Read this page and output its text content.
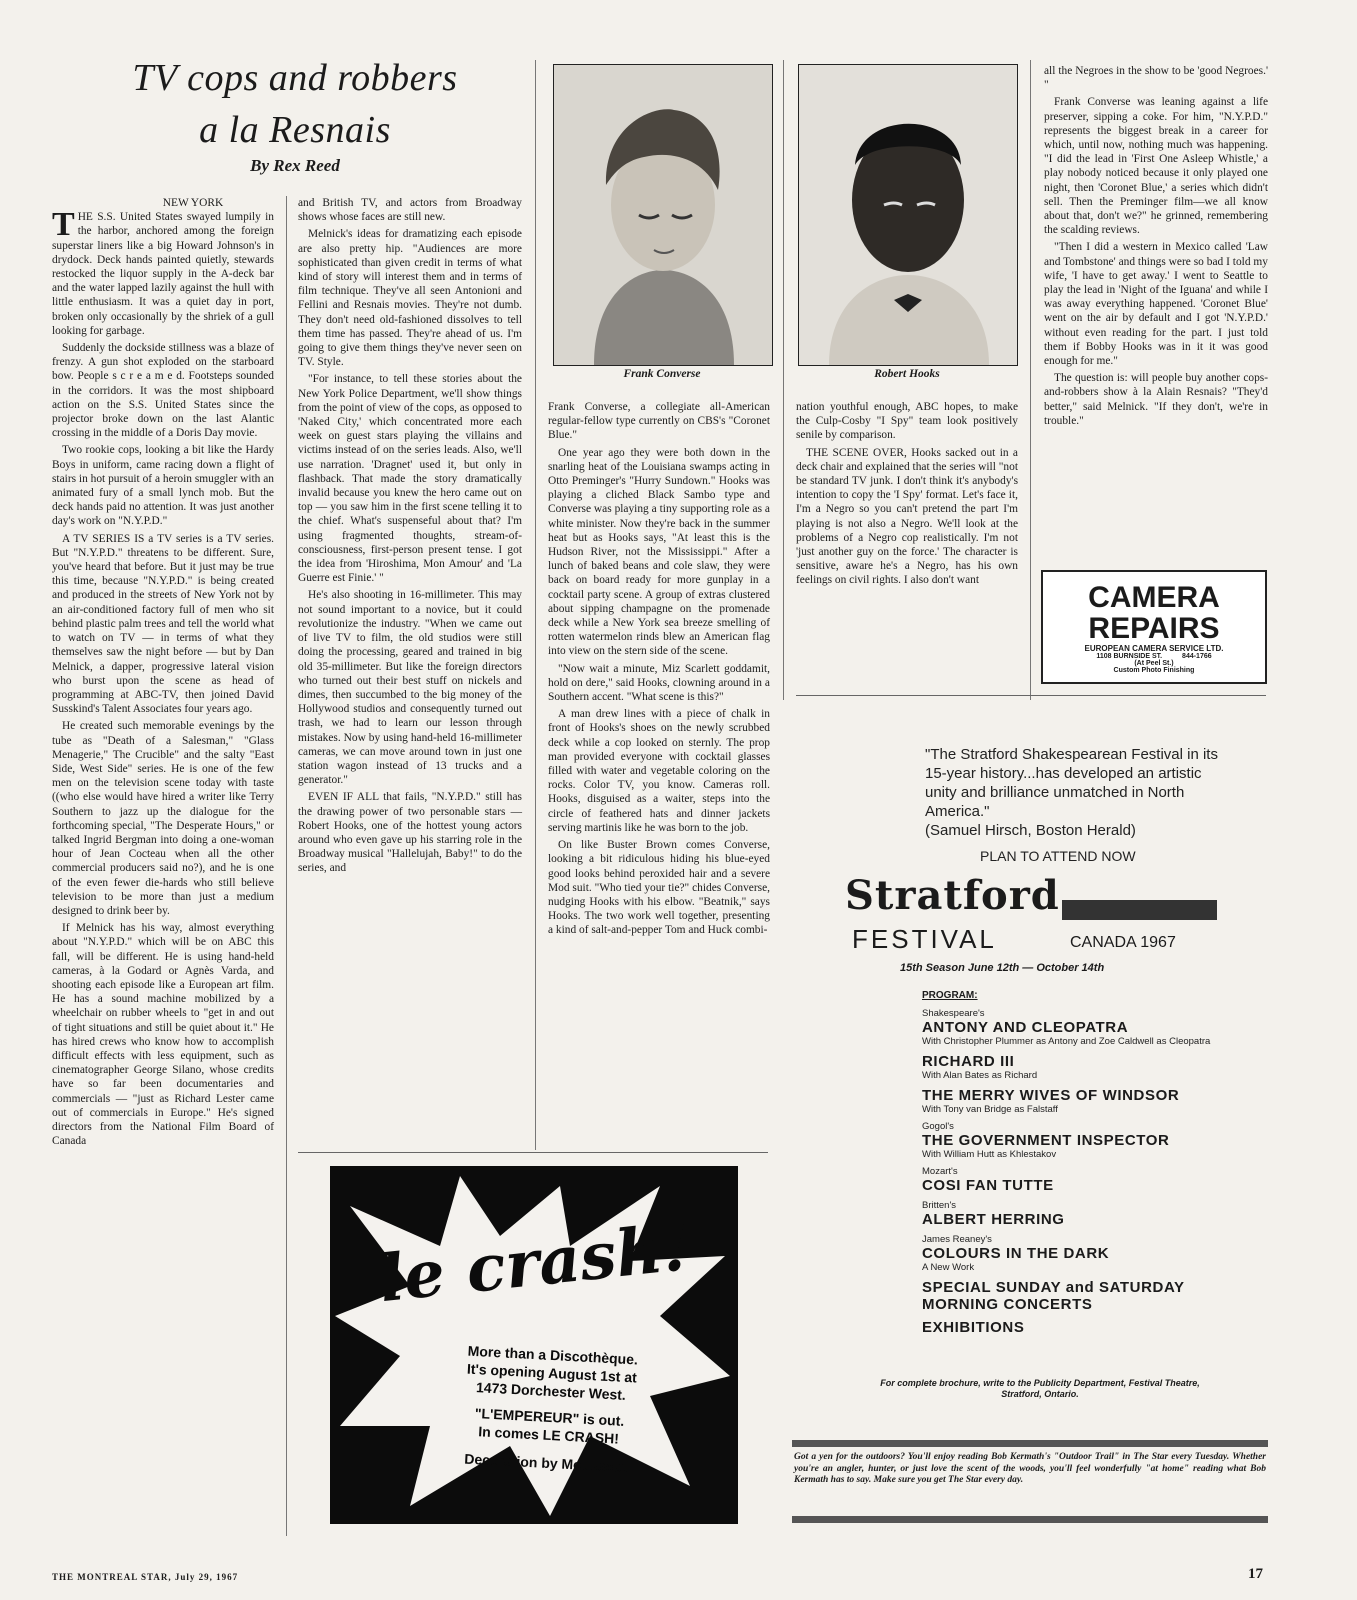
TV cops and robbers
a la Resnais
By Rex Reed
NEW YORK

THE S.S. United States swayed lumpily in the harbor, anchored among the foreign superstar liners like a big Howard Johnson's in drydock. Deck hands painted quietly, stewards restocked the liquor supply in the A-deck bar and the water lapped lazily against the hull with little enthusiasm. It was a quiet day in port, broken only occasionally by the shriek of a gull looking for garbage.

Suddenly the dockside stillness was a blaze of frenzy. A gun shot exploded on the starboard bow. People s c r e a m e d. Footsteps sounded in the corridors. It was the most shipboard action on the S.S. United States since the projector broke down on the last Alantic crossing in the middle of a Doris Day movie.

Two rookie cops, looking a bit like the Hardy Boys in uniform, came racing down a flight of stairs in hot pursuit of a heroin smuggler with an animated fury of a small lynch mob. But the deck hands paid no attention. It was just another day's work on "N.Y.P.D."

A TV SERIES IS a TV series is a TV series. But "N.Y.P.D." threatens to be different. Sure, you've heard that before. But it just may be true this time, because "N.Y.P.D." is being created and produced in the streets of New York not by an air-conditioned factory full of men who sit behind plastic palm trees and tell the world what to watch on TV — in terms of what they themselves saw the night before — but by Dan Melnick, a dapper, progressive lateral vision who burst upon the scene as head of programming at ABC-TV, then joined David Susskind's Talent Associates four years ago.

He created such memorable evenings by the tube as "Death of a Salesman," "Glass Menagerie," The Crucible" and the salty "East Side, West Side" series. He is one of the few men on the television scene today with taste ((who else would have hired a writer like Terry Southern to jazz up the dialogue for the forthcoming special, "The Desperate Hours," or talked Ingrid Bergman into doing a one-woman hour of Jean Cocteau when all the other commercial producers said no?), and he is one of the even fewer die-hards who still believe television to be more than just a medium designed to drink beer by.

If Melnick has his way, almost everything about "N.Y.P.D." which will be on ABC this fall, will be different. He is using hand-held cameras, à la Godard or Agnès Varda, and shooting each episode like a European art film. He has a sound machine mobilized by a wheelchair on rubber wheels to "get in and out of tight situations and still be quiet about it." He has hired crews who know how to accomplish difficult effects with less equipment, such as cinematographer George Silano, whose credits have so far been documentaries and commercials — "just as Richard Lester came out of commercials in Europe." He's signed directors from the National Film Board of Canada

and British TV, and actors from Broadway shows whose faces are still new.

Melnick's ideas for dramatizing each episode are also pretty hip. "Audiences are more sophisticated than given credit in terms of what kind of story will interest them and in terms of film technique. They've all seen Antonioni and Fellini and Resnais movies. They're not dumb. They don't need old-fashioned dissolves to tell them time has passed. They're ahead of us. I'm going to give them things they've never seen on TV. Style.

"For instance, to tell these stories about the New York Police Department, we'll show things from the point of view of the cops, as opposed to 'Naked City,' which concentrated more each week on guest stars playing the villains and victims instead of on the series leads. Also, we'll use narration. 'Dragnet' used it, but only in flashback. That made the story dramatically invalid because you knew the hero came out on top — you saw him in the first scene telling it to the chief. What's suspenseful about that? I'm using fragmented thoughts, stream-of-consciousness, first-person present tense. I got the idea from 'Hiroshima, Mon Amour' and 'La Guerre est Finie.' "

He's also shooting in 16-millimeter. This may not sound important to a novice, but it could revolutionize the industry. "When we came out of live TV to film, the old studios were still doing the processing, geared and trained in big old 35-millimeter. But like the foreign directors who turned out their best stuff on nickels and dimes, then succumbed to the big money of the Hollywood studios and consequently turned out trash, we had to learn our lesson through mistakes. Now by using hand-held 16-millimeter cameras, we can move around town in just one station wagon instead of 13 trucks and a generator."

EVEN IF ALL that fails, "N.Y.P.D." still has the drawing power of two personable stars — Robert Hooks, one of the hottest young actors around who even gave up his starring role in the Broadway musical "Hallelujah, Baby!" to do the series, and

Frank Converse	Robert Hooks

Frank Converse, a collegiate all-American regular-fellow type currently on CBS's "Coronet Blue."

One year ago they were both down in the snarling heat of the Louisiana swamps acting in Otto Preminger's "Hurry Sundown." Hooks was playing a cliched Black Sambo type and Converse was playing a tiny supporting role as a white minister. Now they're back in the summer heat but as Hooks says, "At least this is the Hudson River, not the Mississippi." After a lunch of baked beans and cole slaw, they were back on board ready for more gunplay in a cocktail party scene. A group of extras clustered about sipping champagne on the promenade deck while a New York sea breeze smelling of rotten watermelon rinds blew an American flag into view on the stern side of the scene.

"Now wait a minute, Miz Scarlett goddamit, hold on dere," said Hooks, clowning around in a Southern accent. "What scene is this?"

A man drew lines with a piece of chalk in front of Hooks's shoes on the newly scrubbed deck while a cop looked on sternly. The prop man provided everyone with cocktail glasses filled with water and vegetable coloring on the rocks. Color TV, you know. Cameras roll. Hooks, disguised as a waiter, steps into the circle of feathered hats and dinner jackets serving martinis like he was born to the job.

On like Buster Brown comes Converse, looking a bit ridiculous hiding his blue-eyed good looks behind peroxided hair and a severe Mod suit. "Who tied your tie?" chides Converse, nudging Hooks with his elbow. "Beatnik," says Hooks. The two work well together, presenting a kind of salt-and-pepper Tom and Huck combi-

nation youthful enough, ABC hopes, to make the Culp-Cosby "I Spy" team look positively senile by comparison.

THE SCENE OVER, Hooks sacked out in a deck chair and explained that the series will "not be standard TV junk. I don't think it's anybody's intention to copy the 'I Spy' format. Let's face it, I'm a Negro so you can't pretend the part I'm playing is not also a Negro. We'll look at the problems of a Negro cop realistically. I'm not 'just another guy on the force.' The character is sensitive, aware he's a Negro, has his own feelings on civil rights. I also don't want

all the Negroes in the show to be 'good Negroes.' "

Frank Converse was leaning against a life preserver, sipping a coke. For him, "N.Y.P.D." represents the biggest break in a career for which, until now, nothing much was happening. "I did the lead in 'First One Asleep Whistle,' a play nobody noticed because it only played one night, then 'Coronet Blue,' a series which didn't sell. Then the Preminger film—we all know about that, don't we?" he grinned, remembering the scalding reviews.

"Then I did a western in Mexico called 'Law and Tombstone' and things were so bad I told my wife, 'I have to get away.' I went to Seattle to play the lead in 'Night of the Iguana' and while I was away everything happened. 'Coronet Blue' went on the air by default and I got 'N.Y.P.D.' without even reading for the part. I just told them if Bobby Hooks was in it it was good enough for me."

The question is: will people buy another cops-and-robbers show à la Alain Resnais? "They'd better," said Melnick. "If they don't, we're in trouble."

CAMERA
REPAIRS
EUROPEAN CAMERA SERVICE LTD.
1108 BURNSIDE ST.	844-1766
(At Peel St.)
Custom Photo Finishing
le crash!
More than a Discothèque.
It's opening August 1st at
1473 Dorchester West.
"L'EMPEREUR" is out.
In comes LE CRASH!
Decoration by Mousseau
"The Stratford Shakespearean Festival in its 15-year history...has developed an artistic unity and brilliance unmatched in North America."
(Samuel Hirsch, Boston Herald)
PLAN TO ATTEND NOW
Stratford
FESTIVAL	CANADA 1967
15th Season June 12th — October 14th
PROGRAM:
Shakespeare's
ANTONY AND CLEOPATRA
With Christopher Plummer as Antony and Zoe Caldwell as Cleopatra
RICHARD III
With Alan Bates as Richard
THE MERRY WIVES OF WINDSOR
With Tony van Bridge as Falstaff
Gogol's
THE GOVERNMENT INSPECTOR
With William Hutt as Khlestakov
Mozart's
COSI FAN TUTTE
Britten's
ALBERT HERRING
James Reaney's
COLOURS IN THE DARK
A New Work
SPECIAL SUNDAY and SATURDAY MORNING CONCERTS
EXHIBITIONS
For complete brochure, write to the Publicity Department, Festival Theatre, Stratford, Ontario.
Got a yen for the outdoors? You'll enjoy reading Bob Kermath's "Outdoor Trail" in The Star every Tuesday. Whether you're an angler, hunter, or just love the scent of the woods, you'll feel wonderfully "at home" reading what Bob Kermath has to say. Make sure you get The Star every day.
THE MONTREAL STAR, July 29, 1967	17
